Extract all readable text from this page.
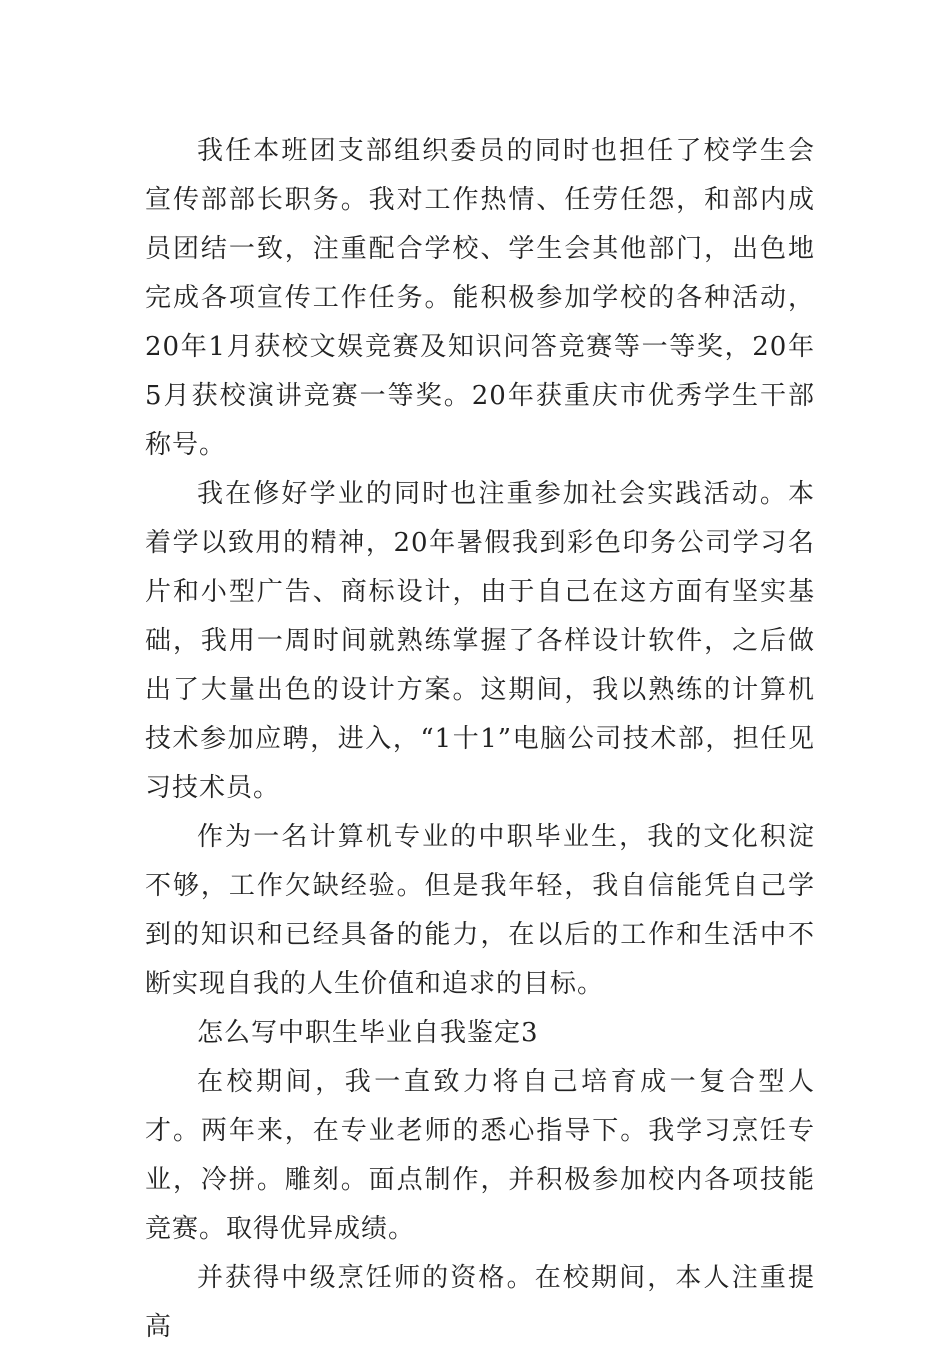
我任本班团支部组织委员的同时也担任了校学生会宣传部部长职务。我对工作热情、任劳任怨，和部内成员团结一致，注重配合学校、学生会其他部门，出色地完成各项宣传工作任务。能积极参加学校的各种活动，20年1月获校文娱竞赛及知识问答竞赛等一等奖，20年5月获校演讲竞赛一等奖。20年获重庆市优秀学生干部称号。

我在修好学业的同时也注重参加社会实践活动。本着学以致用的精神，20年暑假我到彩色印务公司学习名片和小型广告、商标设计，由于自己在这方面有坚实基础，我用一周时间就熟练掌握了各样设计软件，之后做出了大量出色的设计方案。这期间，我以熟练的计算机技术参加应聘，进入，“1十1”电脑公司技术部，担任见习技术员。

作为一名计算机专业的中职毕业生，我的文化积淀不够，工作欠缺经验。但是我年轻，我自信能凭自己学到的知识和已经具备的能力，在以后的工作和生活中不断实现自我的人生价值和追求的目标。

怎么写中职生毕业自我鉴定3

在校期间，我一直致力将自己培育成一复合型人才。两年来，在专业老师的悉心指导下。我学习烹饪专业，冷拼。雕刻。面点制作，并积极参加校内各项技能竞赛。取得优异成绩。

并获得中级烹饪师的资格。在校期间，本人注重提高
